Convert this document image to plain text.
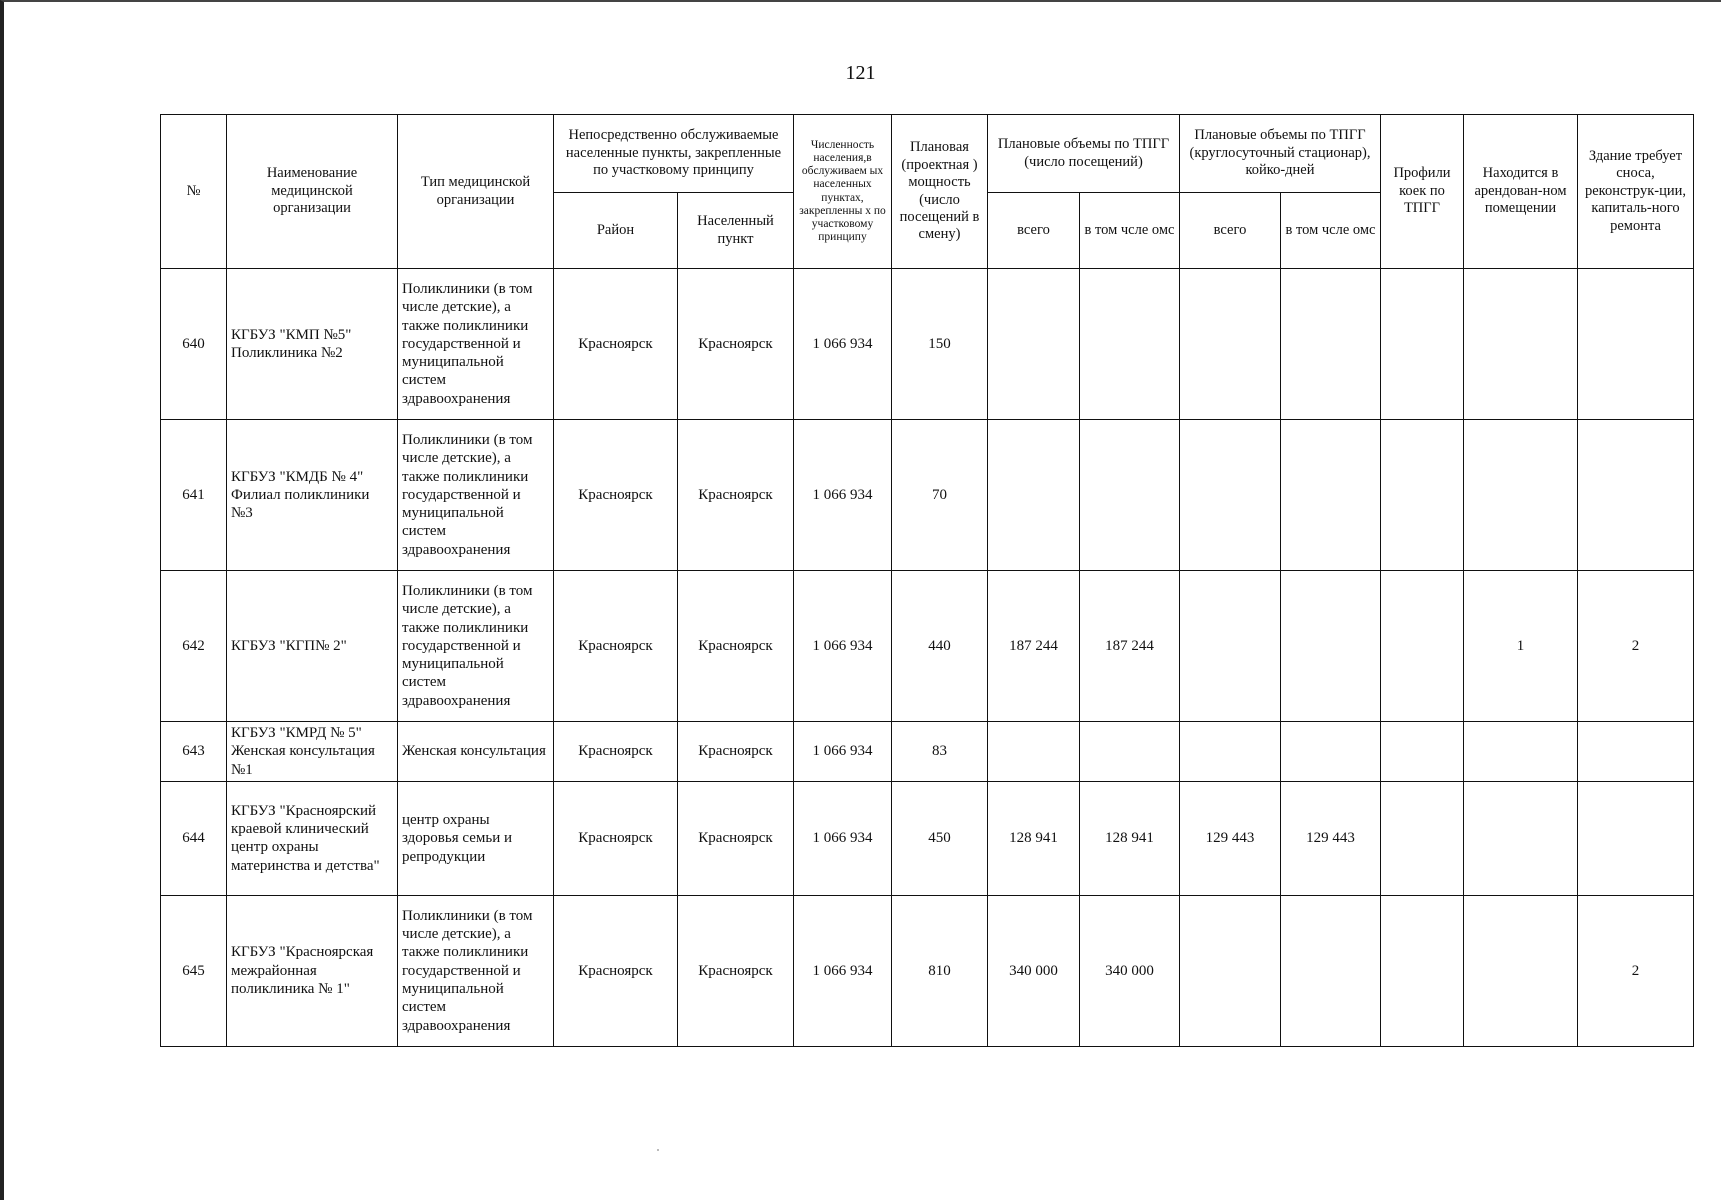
121
№	Наименование медицинской организации	Тип медицинской организации	Непосредственно обслуживаемые населенные пункты, закрепленные по участковому принципу		Численность населения,в обслуживаем ых населенных пунктах, закрепленны х по участковому принципу	Плановая (проектная ) мощность (число посещений в смену)	Плановые объемы по ТПГГ (число посещений)		Плановые объемы по ТПГГ (круглосуточный стационар), койко-дней		Профили коек по ТПГГ	Находится в арендован-ном помещении	Здание требует сноса, реконструк-ции, капиталь-ного ремонта
			Район	Населенный пункт			всего	в том чсле омс	всего	в том чсле омс			
640	КГБУЗ "КМП №5" Поликлиника №2	Поликлиники (в том числе детские), а также поликлиники государственной и муниципальной систем здравоохранения	Красноярск	Красноярск	1 066 934	150							
641	КГБУЗ "КМДБ № 4" Филиал поликлиники №3	Поликлиники (в том числе детские), а также поликлиники государственной и муниципальной систем здравоохранения	Красноярск	Красноярск	1 066 934	70							
642	КГБУЗ "КГП№ 2"	Поликлиники (в том числе детские), а также поликлиники государственной и муниципальной систем здравоохранения	Красноярск	Красноярск	1 066 934	440	187 244	187 244				1	2
643	КГБУЗ "КМРД № 5" Женская консультация №1	Женская консультация	Красноярск	Красноярск	1 066 934	83							
644	КГБУЗ "Красноярский краевой клинический центр охраны материнства и детства"	центр охраны здоровья семьи и репродукции	Красноярск	Красноярск	1 066 934	450	128 941	128 941	129 443	129 443			
645	КГБУЗ "Красноярская межрайонная поликлиника № 1"	Поликлиники (в том числе детские), а также поликлиники государственной и муниципальной систем здравоохранения	Красноярск	Красноярск	1 066 934	810	340 000	340 000					2
